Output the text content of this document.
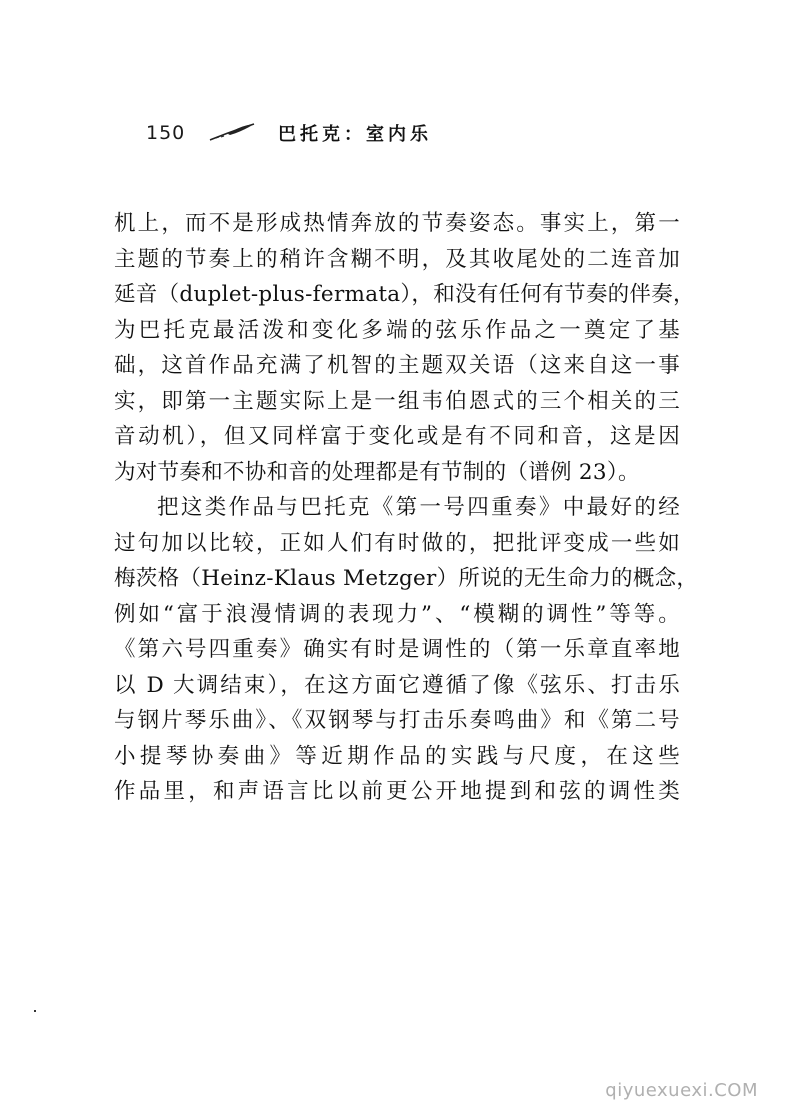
150	巴托克：室内乐

机上，而不是形成热情奔放的节奏姿态。事实上，第一
主题的节奏上的稍许含糊不明，及其收尾处的二连音加
延音（duplet-plus-fermata），和没有任何有节奏的伴奏，
为巴托克最活泼和变化多端的弦乐作品之一奠定了基
础，这首作品充满了机智的主题双关语（这来自这一事
实，即第一主题实际上是一组韦伯恩式的三个相关的三
音动机），但又同样富于变化或是有不同和音，这是因
为对节奏和不协和音的处理都是有节制的（谱例 23）。

把这类作品与巴托克《第一号四重奏》中最好的经
过句加以比较，正如人们有时做的，把批评变成一些如
梅茨格（Heinz-Klaus Metzger）所说的无生命力的概念，
例如“富于浪漫情调的表现力”、“模糊的调性”等等。
《第六号四重奏》确实有时是调性的（第一乐章直率地
以 D 大调结束），在这方面它遵循了像《弦乐、打击乐
与钢片琴乐曲》、《双钢琴与打击乐奏鸣曲》和《第二号
小提琴协奏曲》等近期作品的实践与尺度，在这些
作品里，和声语言比以前更公开地提到和弦的调性类

qiyuexuexi.COM
